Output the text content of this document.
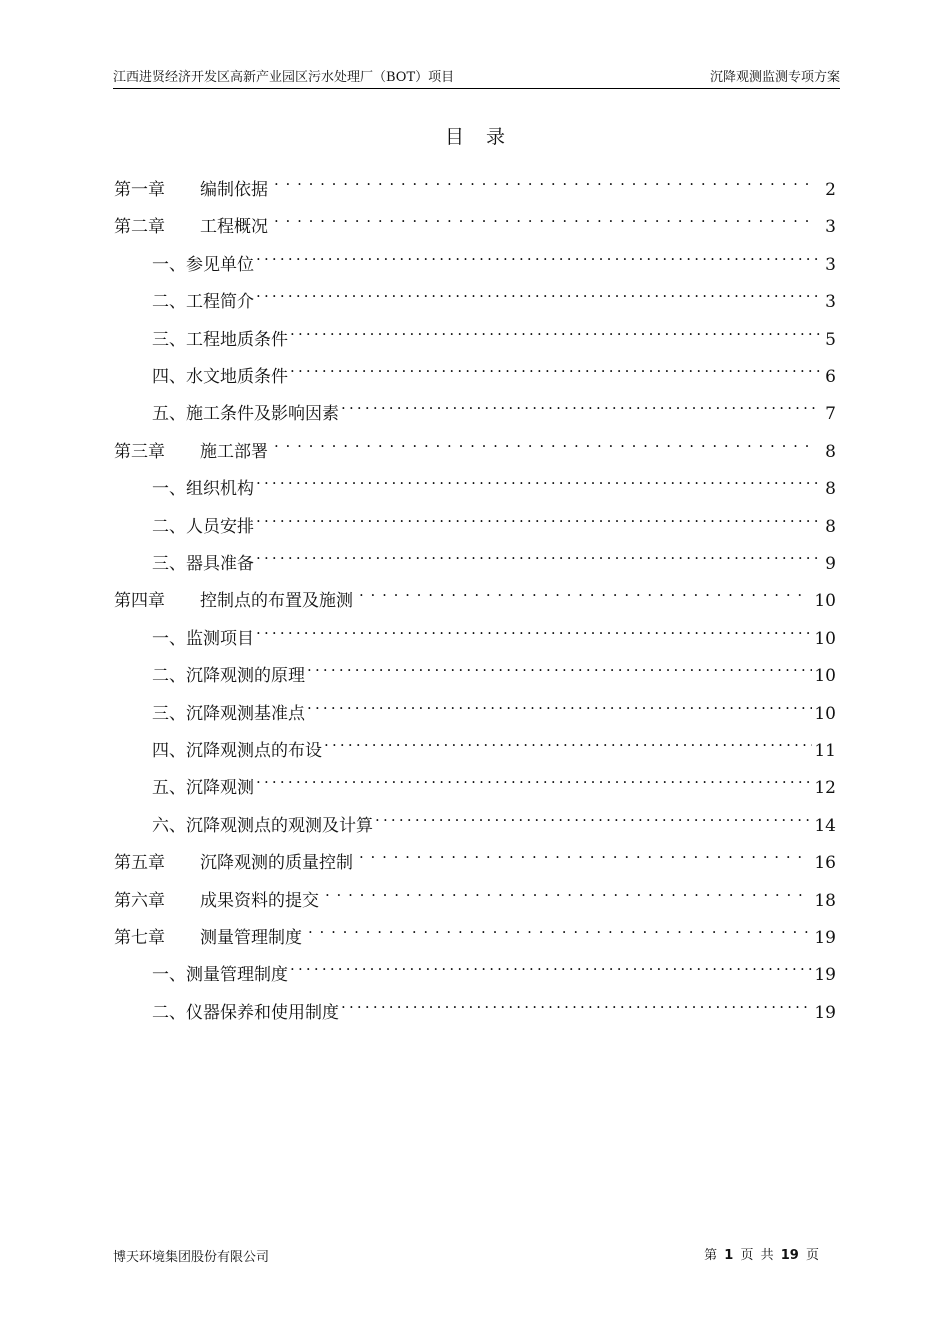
江西进贤经济开发区高新产业园区污水处理厂（BOT）项目	沉降观测监测专项方案
目录
第一章	编制依据 . . .	2
第二章	工程概况 . . .	3
一、参见单位 .....	3
二、工程简介 .....	3
三、工程地质条件 .....	5
四、水文地质条件 .....	6
五、施工条件及影响因素 .....	7
第三章	施工部署 . . .	8
一、组织机构 .....	8
二、人员安排 .....	8
三、器具准备 .....	9
第四章	控制点的布置及施测 . . .	10
一、监测项目 .....	10
二、沉降观测的原理 .....	10
三、沉降观测基准点 .....	10
四、沉降观测点的布设 .....	11
五、沉降观测 .....	12
六、沉降观测点的观测及计算 .....	14
第五章	沉降观测的质量控制 . . .	16
第六章	成果资料的提交 . . .	18
第七章	测量管理制度 . . .	19
一、测量管理制度 .....	19
二、仪器保养和使用制度 .....	19
博天环境集团股份有限公司	第 1 页 共 19 页
